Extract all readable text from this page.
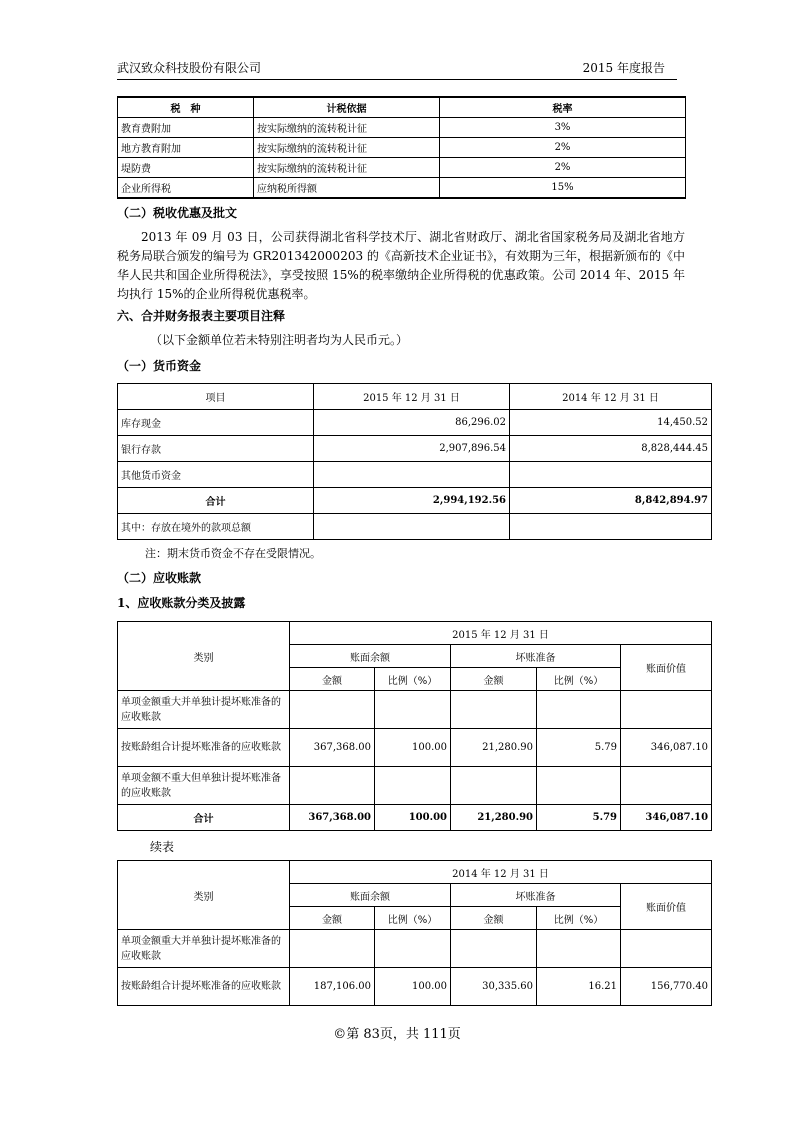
武汉致众科技股份有限公司	2015 年度报告
税　种	计税依据	税率
教育费附加	按实际缴纳的流转税计征	3%
地方教育附加	按实际缴纳的流转税计征	2%
堤防费	按实际缴纳的流转税计征	2%
企业所得税	应纳税所得额	15%
（二）税收优惠及批文
2013 年 09 月 03 日，公司获得湖北省科学技术厅、湖北省财政厅、湖北省国家税务局及湖北省地方税务局联合颁发的编号为 GR201342000203 的《高新技术企业证书》，有效期为三年，根据新颁布的《中华人民共和国企业所得税法》，享受按照 15%的税率缴纳企业所得税的优惠政策。公司 2014 年、2015 年均执行 15%的企业所得税优惠税率。
六、合并财务报表主要项目注释
（以下金额单位若未特别注明者均为人民币元。）
（一）货币资金
项目	2015 年 12 月 31 日	2014 年 12 月 31 日
库存现金	86,296.02	14,450.52
银行存款	2,907,896.54	8,828,444.45
其他货币资金		
合计	2,994,192.56	8,842,894.97
其中：存放在境外的款项总额		
注：期末货币资金不存在受限情况。
（二）应收账款
1、应收账款分类及披露
类别	2015 年 12 月 31 日				
	账面余额		坏账准备		账面价值
	金额	比例（%）	金额	比例（%）	
单项金额重大并单独计提坏账准备的应收账款					
按账龄组合计提坏账准备的应收账款	367,368.00	100.00	21,280.90	5.79	346,087.10
单项金额不重大但单独计提坏账准备的应收账款					
合计	367,368.00	100.00	21,280.90	5.79	346,087.10
续表
类别	2014 年 12 月 31 日				
	账面余额		坏账准备		账面价值
	金额	比例（%）	金额	比例（%）	
单项金额重大并单独计提坏账准备的应收账款					
按账龄组合计提坏账准备的应收账款	187,106.00	100.00	30,335.60	16.21	156,770.40
©第 83页，共 111页
